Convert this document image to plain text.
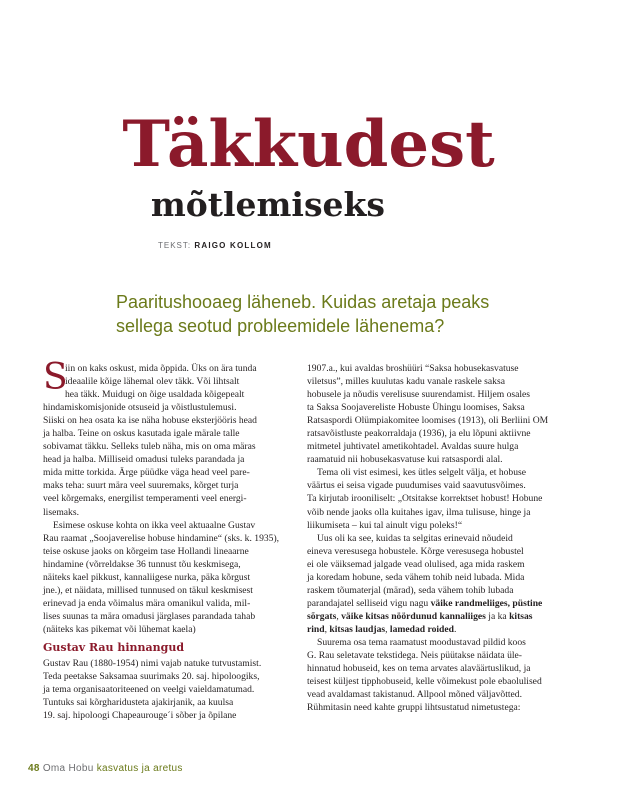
Täkkudest
mõtlemiseks
TEKST: RAIGO KOLLOM

Paaritushooaeg läheneb. Kuidas aretaja peaks

sellega seotud probleemidele lähenema?

S
iin on kaks oskust, mida õppida. Üks on ära tunda
ideaalile kõige lähemal olev täkk. Või lihtsalt
hea täkk. Muidugi on õige usaldada kõigepealt
hindamiskomisjonide otsuseid ja võistlustulemusi.
Siiski on hea osata ka ise näha hobuse eksterjööris head
ja halba. Teine on oskus kasutada igale märale talle
sobivamat täkku. Selleks tuleb näha, mis on oma märas
head ja halba. Milliseid omadusi tuleks parandada ja
mida mitte torkida. Ärge püüdke väga head veel pare-
maks teha: suurt mära veel suuremaks, kõrget turja
veel kõrgemaks, energilist temperamenti veel energi-
lisemaks.
Esimese oskuse kohta on ikka veel aktuaalne Gustav
Rau raamat „Soojaverelise hobuse hindamine“ (sks. k. 1935),
teise oskuse jaoks on kõrgeim tase Hollandi lineaarne
hindamine (võrreldakse 36 tunnust tõu keskmisega,
näiteks kael pikkust, kannaliigese nurka, päka kõrgust
jne.), et näidata, millised tunnused on täkul keskmisest
erinevad ja enda võimalus mära omanikul valida, mil-
lises suunas ta mära omadusi järglases parandada tahab
(näiteks kas pikemat või lühemat kaela)
Gustav Rau hinnangud
Gustav Rau (1880-1954) nimi vajab natuke tutvustamist.
Teda peetakse Saksamaa suurimaks 20. saj. hipoloogiks,
ja tema organisaatoriteened on veelgi vaieldamatumad.
Tuntuks sai kõrgharidusteta ajakirjanik, aa kuulsa
19. saj. hipoloogi Chapeaurouge´i sõber ja õpilane
1907.a., kui avaldas broshüüri “Saksa hobusekasvatuse
viletsus”, milles kuulutas kadu vanale raskele saksa
hobusele ja nõudis verelisuse suurendamist. Hiljem osales
ta Saksa Soojavereliste Hobuste Ühingu loomises, Saksa
Ratsaspordi Olümpiakomitee loomises (1913), oli Berliini OM
ratsavõistluste peakorraldaja (1936), ja elu lõpuni aktiivne
mitmetel juhtivatel ametikohtadel. Avaldas suure hulga
raamatuid nii hobusekasvatuse kui ratsaspordi alal.
Tema oli vist esimesi, kes ütles selgelt välja, et hobuse
väärtus ei seisa vigade puudumises vaid saavutusvõimes.
Ta kirjutab irooniliselt: „Otsitakse korrektset hobust! Hobune
võib nende jaoks olla kuitahes igav, ilma tulisuse, hinge ja
liikumiseta – kui tal ainult vigu poleks!“
Uus oli ka see, kuidas ta selgitas erinevaid nõudeid
eineva veresusega hobustele. Kõrge veresusega hobustel
ei ole väiksemad jalgade vead olulised, aga mida raskem
ja koredam hobune, seda vähem tohib neid lubada. Mida
raskem tõumaterjal (märad), seda vähem tohib lubada
parandajatel selliseid vigu nagu väike randmeliiges, püstine
sõrgats, väike kitsas nöördunud kannaliiges ja ka kitsas
rind, kitsas laudjas, lamedad roided.
Suurema osa tema raamatust moodustavad pildid koos
G. Rau seletavate tekstidega. Neis püütakse näidata üle-
hinnatud hobuseid, kes on tema arvates alaväärtuslikud, ja
teisest küljest tipphobuseid, kelle võimekust pole ebaolulised
vead avaldamast takistanud. Allpool mõned väljavõtted.
Rühmitasin need kahte gruppi lihtsustatud nimetustega:
48 Oma Hobu kasvatus ja aretus
